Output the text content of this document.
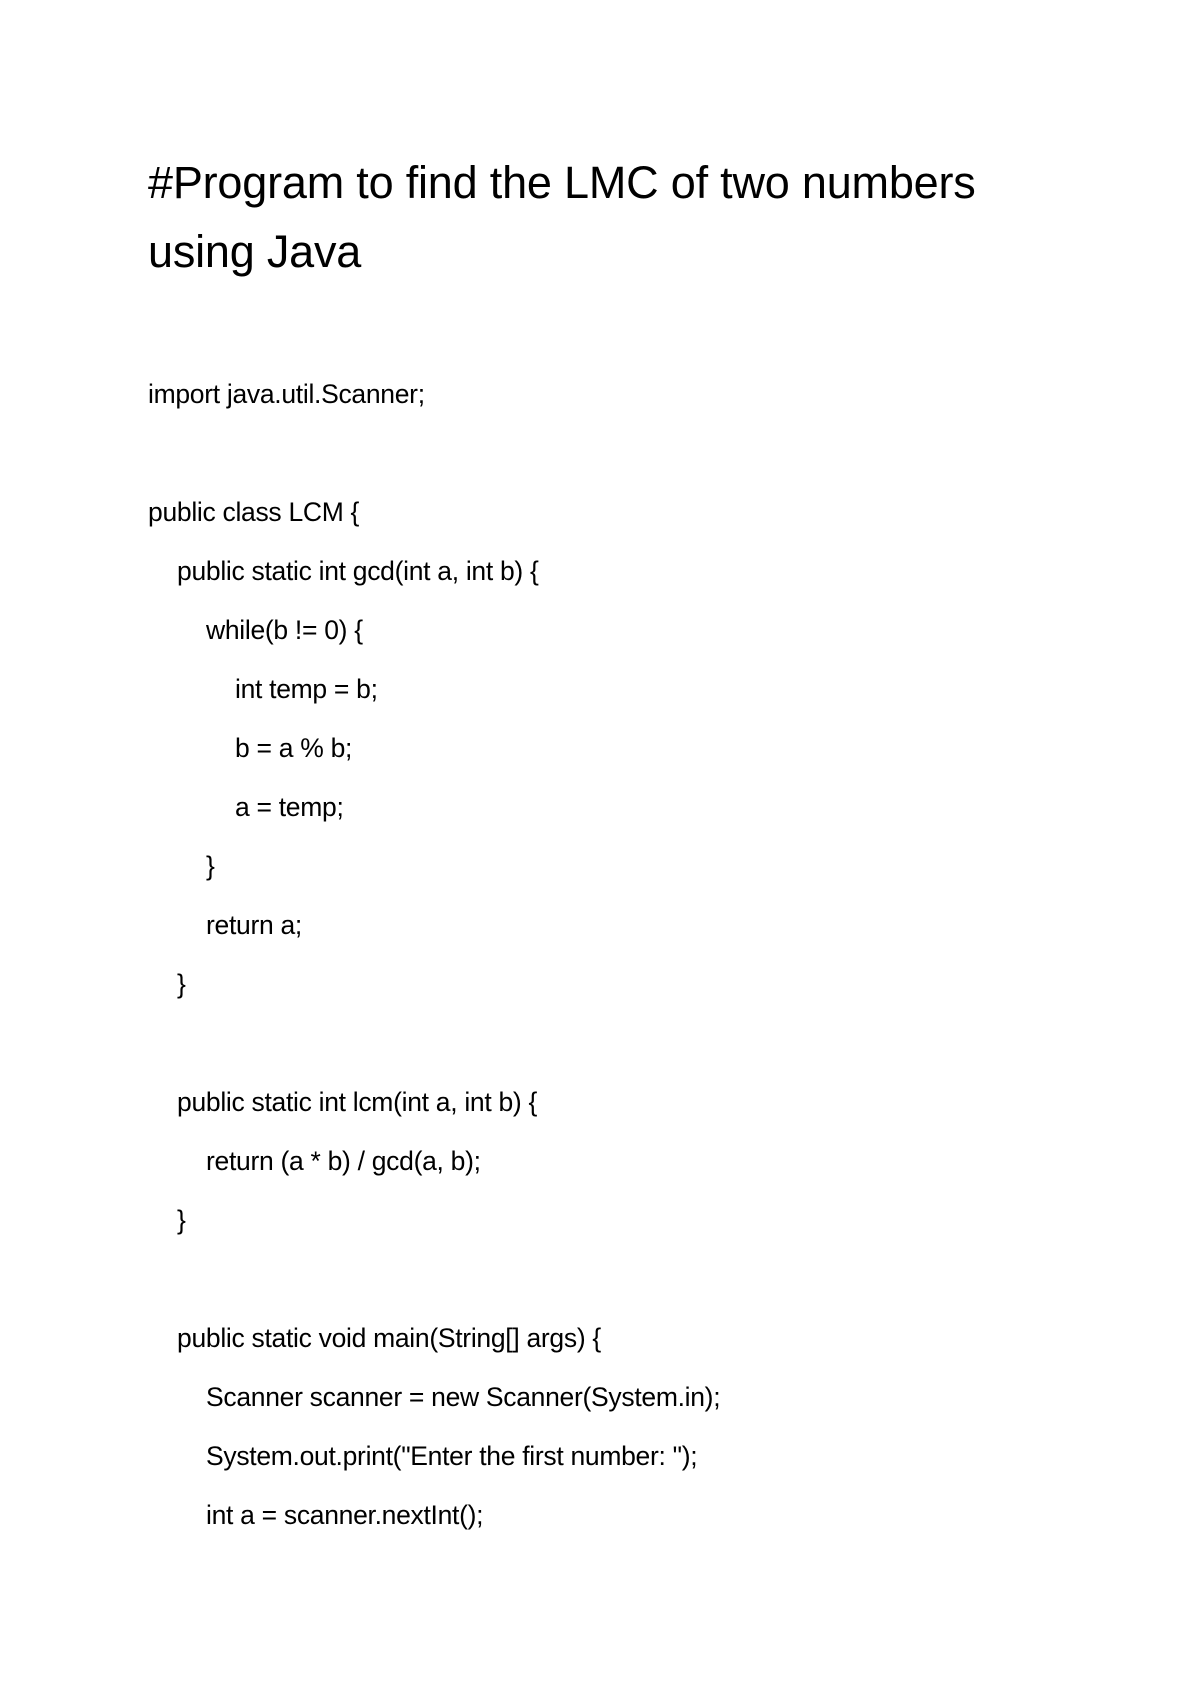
#Program to find the LMC of two numbers
using Java
import java.util.Scanner;
public class LCM {
public static int gcd(int a, int b) {
while(b != 0) {
int temp = b;
b = a % b;
a = temp;
}
return a;
}
public static int lcm(int a, int b) {
return (a * b) / gcd(a, b);
}
public static void main(String[] args) {
Scanner scanner = new Scanner(System.in);
System.out.print("Enter the first number: ");
int a = scanner.nextInt();
